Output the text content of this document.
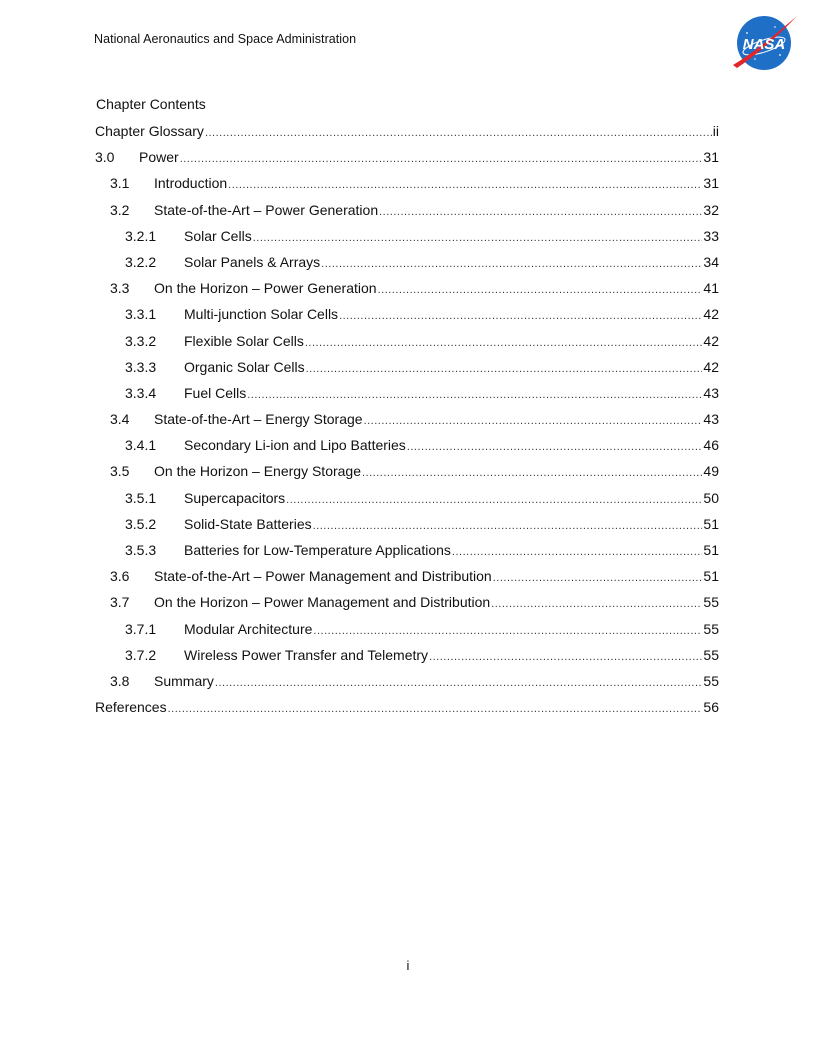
National Aeronautics and Space Administration	NASA
Chapter Contents
Chapter Glossary .....	ii
3.0	Power .....	31
3.1	Introduction .....	31
3.2	State-of-the-Art – Power Generation .....	32
3.2.1	Solar Cells .....	33
3.2.2	Solar Panels & Arrays .....	34
3.3	On the Horizon – Power Generation .....	41
3.3.1	Multi-junction Solar Cells .....	42
3.3.2	Flexible Solar Cells .....	42
3.3.3	Organic Solar Cells .....	42
3.3.4	Fuel Cells .....	43
3.4	State-of-the-Art – Energy Storage .....	43
3.4.1	Secondary Li-ion and Lipo Batteries .....	46
3.5	On the Horizon – Energy Storage .....	49
3.5.1	Supercapacitors .....	50
3.5.2	Solid-State Batteries .....	51
3.5.3	Batteries for Low-Temperature Applications .....	51
3.6	State-of-the-Art – Power Management and Distribution .....	51
3.7	On the Horizon – Power Management and Distribution .....	55
3.7.1	Modular Architecture .....	55
3.7.2	Wireless Power Transfer and Telemetry .....	55
3.8	Summary .....	55
References .....	56
i
